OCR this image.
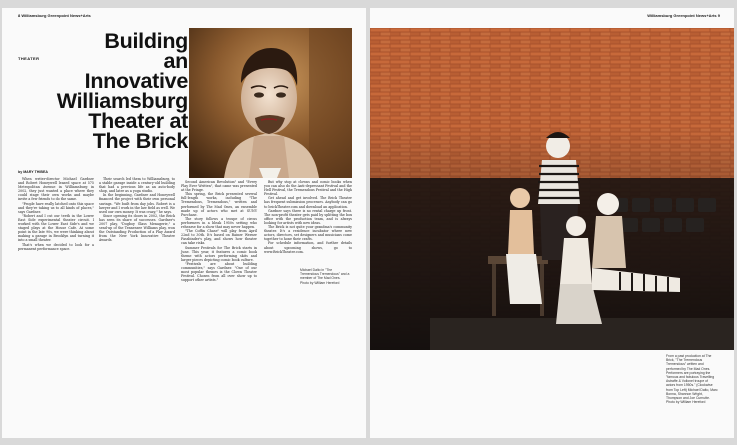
8 Williamsburg Greenpoint News+Arts
Building
an
Innovative
Williamsburg
Theater at
The Brick
THEATER
by MARY THIBEA

When writer-director Michael Gardner and Robert Honeywell leased space at 575 Metropolitan Avenue in Williamsburg in 2002, they just wanted a place where they could stage their own works and maybe invite a few friends to do the same.

"People have really latched onto this space and they're taking us to all kinds of places," says Gardner.

"Robert and I cut our teeth in the Lower East Side experimental theater circuit. I worked with the Lower East Side's and we staged plays at the House Cafe. At some point in the late 90s, we were thinking about making a garage in Brooklyn and turning it into a small theater.

That's when we decided to look for a permanent performance space.

Their search led them to Williamsburg, to a stable garage inside a century-old building that had a previous life as an auto-body shop, and later as a yoga studio.

In the beginning, Gardner and Honeywell financed the project with their own personal savings. "We built from day jobs. Robert is a lawyer and I work in the law field as well. We used our own money. It was crazy," he says.

Since opening its doors in 2002, the Brick has seen its share of successes. Gardner's 2007 play, "Dogboy Glass Menagerie," a send-up of the Tennessee Williams play, won the Outstanding Production of a Play Award from the New York Innovative Theatre Awards.

Second American Revolution" and "Every Play Ever Written", that came was presented at the Fringe.

This spring, the Brick presented several full-length works, including "The Tremendous, Tremendous," written and performed by The Mad Ones, an ensemble made up of actors who met at SUNY Purchase.

The story follows a troupe of circus performers in a bleak 1950s setting who rehearse for a show that may never happen.

"The Coffin Chase" will play from April 22nd to 30th. It's based on Rainer Werner Fassbinder's play, and shows how theater can take risks.

Summer Festivals for The Brick starts in June. This year, it features a comic book theme with actors performing skits and larger pieces depicting comic book culture.

"Festivals are about building communities," says Gardner. "One of our most popular themes is the Clown Theater Festival. Chosen from all over show up to support other artists."

But why stop at clowns and comic books when you can also do the Anti-depressant Festival and the Hell Festival, the Tremendous Festival and the High Festival.

Get ahead and get involved. The Brick Theater has frequent submission processes. Anybody can go to brickTheater.com and download an application.

Gardner says there is no rental charge up front. The non-profit theater gets paid by splitting the box office with the production team, and is always looking for artists with new ideas.

The Brick is not quite your grandma's community theater. It's a residence incubator where new actors, directors, set designers and musicians come together to hone their crafts.

For schedule information, and further details about upcoming shows, go to www.BrickTheater.com.

Williamsburg Greenpoint News+Arts 9
From a past production at The Brick, "The Tremendous Tremendous" written and performed by The Mad Ones. Performers are portraying the "famous and fabulous Travelling Astraffe & Vollonel troupe of actors from 1950s." (Clockwise from Top Left) Michael Dalto, Marc Bonna, Shannon Wright, Thompson and Joe Curnutte. Photo by William Hereford
Michael Dalto in "The Tremendous Tremendous" and a member of The Mad Ones. Photo by William Hereford
